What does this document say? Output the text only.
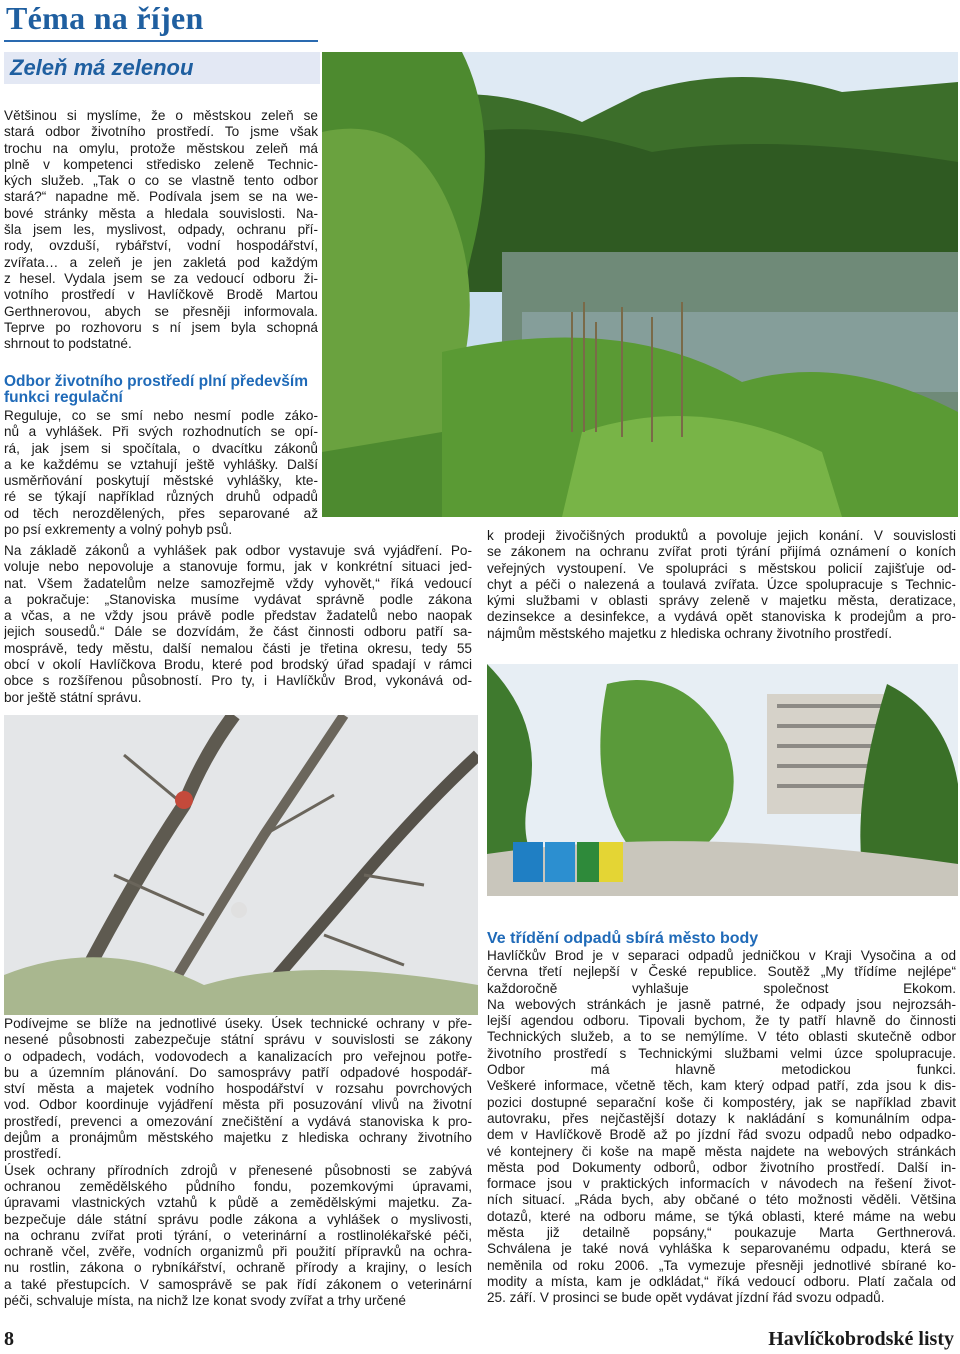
Téma na říjen
Zeleň má zelenou
Většinou si myslíme, že o městskou zeleň se
stará odbor životního prostředí. To jsme však
trochu na omylu, protože městskou zeleň má
plně v kompetenci středisko zeleně Technic-
kých služeb. „Tak o co se vlastně tento odbor
stará?“ napadne mě. Podívala jsem se na we-
bové stránky města a hledala souvislosti. Na-
šla jsem les, myslivost, odpady, ochranu pří-
rody, ovzduší, rybářství, vodní hospodářství,
zvířata… a zeleň je jen zakletá pod každým
z hesel. Vydala jsem se za vedoucí odboru ži-
votního prostředí v Havlíčkově Brodě Martou
Gerthnerovou, abych se přesněji informovala.
Teprve po rozhovoru s ní jsem byla schopná
shrnout to podstatné.
Odbor životního prostředí plní především
funkci regulační
Reguluje, co se smí nebo nesmí podle záko-
nů a vyhlášek. Při svých rozhodnutích se opí-
rá, jak jsem si spočítala, o dvacítku zákonů
a ke každému se vztahují ještě vyhlášky. Další
usměrňování poskytují městské vyhlášky, kte-
ré se týkají například různých druhů odpadů
od těch nerozdělených, přes separované až
po psí exkrementy a volný pohyb psů.
Na základě zákonů a vyhlášek pak odbor vystavuje svá vyjádření. Po-
voluje nebo nepovoluje a stanovuje formu, jak v konkrétní situaci jed-
nat. Všem žadatelům nelze samozřejmě vždy vyhovět,“ říká vedoucí
a pokračuje: „Stanoviska musíme vydávat správně podle zákona
a včas, a ne vždy jsou právě podle představ žadatelů nebo naopak
jejich sousedů.“ Dále se dozvídám, že část činnosti odboru patří sa-
mosprávě, tedy městu, další nemalou části je třetina okresu, tedy 55
obcí v okolí Havlíčkova Brodu, které pod brodský úřad spadají v rámci
obce s rozšířenou působností. Pro ty, i Havlíčkův Brod, vykonává od-
bor ještě státní správu.
k prodeji živočišných produktů a povoluje jejich konání. V souvislosti
se zákonem na ochranu zvířat proti týrání přijímá oznámení o koních
veřejných vystoupení. Ve spolupráci s městskou policií zajišťuje od-
chyt a péči o nalezená a toulavá zvířata. Úzce spolupracuje s Technic-
kými službami v oblasti správy zeleně v majetku města, deratizace,
dezinsekce a desinfekce, a vydává opět stanoviska k prodejům a pro-
nájmům městského majetku z hlediska ochrany životního prostředí.
Ve třídění odpadů sbírá město body
Havlíčkův Brod je v separaci odpadů jedničkou v Kraji Vysočina a od
června třetí nejlepší v České republice. Soutěž „My třídíme nejlépe“
každoročně vyhlašuje společnost Ekokom.
Na webových stránkách je jasně patrné, že odpady jsou nejrozsáh-
lejší agendou odboru. Tipovali bychom, že ty patří hlavně do činnosti
Technických služeb, a to se nemýlíme. V této oblasti skutečně odbor
životního prostředí s Technickými službami velmi úzce spolupracuje.
Odbor má hlavně metodickou funkci.
Veškeré informace, včetně těch, kam který odpad patří, zda jsou k dis-
pozici dostupné separační koše či kompostéry, jak se například zbavit
autovraku, přes nejčastější dotazy k nakládání s komunálním odpa-
dem v Havlíčkově Brodě až po jízdní řád svozu odpadů nebo odpadko-
vé kontejnery či koše na mapě města najdete na webových stránkách
města pod Dokumenty odborů, odbor životního prostředí. Další in-
formace jsou v praktických informacích v návodech na řešení život-
ních situací. „Ráda bych, aby občané o této možnosti věděli. Většina
dotazů, které na odboru máme, se týká oblasti, které máme na webu
města již detailně popsány,“ poukazuje Marta Gerthnerová.
Schválena je také nová vyhláška k separovanému odpadu, která se
neměnila od roku 2006. „Ta vymezuje přesněji jednotlivé sbírané ko-
modity a místa, kam je odkládat,“ říká vedoucí odboru. Platí začala od
25. září. V prosinci se bude opět vydávat jízdní řád svozu odpadů.
Podívejme se blíže na jednotlivé úseky. Úsek technické ochrany v pře-
nesené působnosti zabezpečuje státní správu v souvislosti se zákony
o odpadech, vodách, vodovodech a kanalizacích pro veřejnou potře-
bu a územním plánování. Do samosprávy patří odpadové hospodář-
ství města a majetek vodního hospodářství v rozsahu povrchových
vod. Odbor koordinuje vyjádření města při posuzování vlivů na životní
prostředí, prevenci a omezování znečištění a vydává stanoviska k pro-
dejům a pronájmům městského majetku z hlediska ochrany životního
prostředí.
Úsek ochrany přírodních zdrojů v přenesené působnosti se zabývá
ochranou zemědělského půdního fondu, pozemkovými úpravami,
úpravami vlastnických vztahů k půdě a zemědělskými majetku. Za-
bezpečuje dále státní správu podle zákona a vyhlášek o myslivosti,
na ochranu zvířat proti týrání, o veterinární a rostlinolékařské péči,
ochraně včel, zvěře, vodních organizmů při použití přípravků na ochra-
nu rostlin, zákona o rybníkářství, ochraně přírody a krajiny, o lesích
a také přestupcích. V samosprávě se pak řídí zákonem o veterinární
péči, schvaluje místa, na nichž lze konat svody zvířat a trhy určené
8	Havlíčkobrodské listy
